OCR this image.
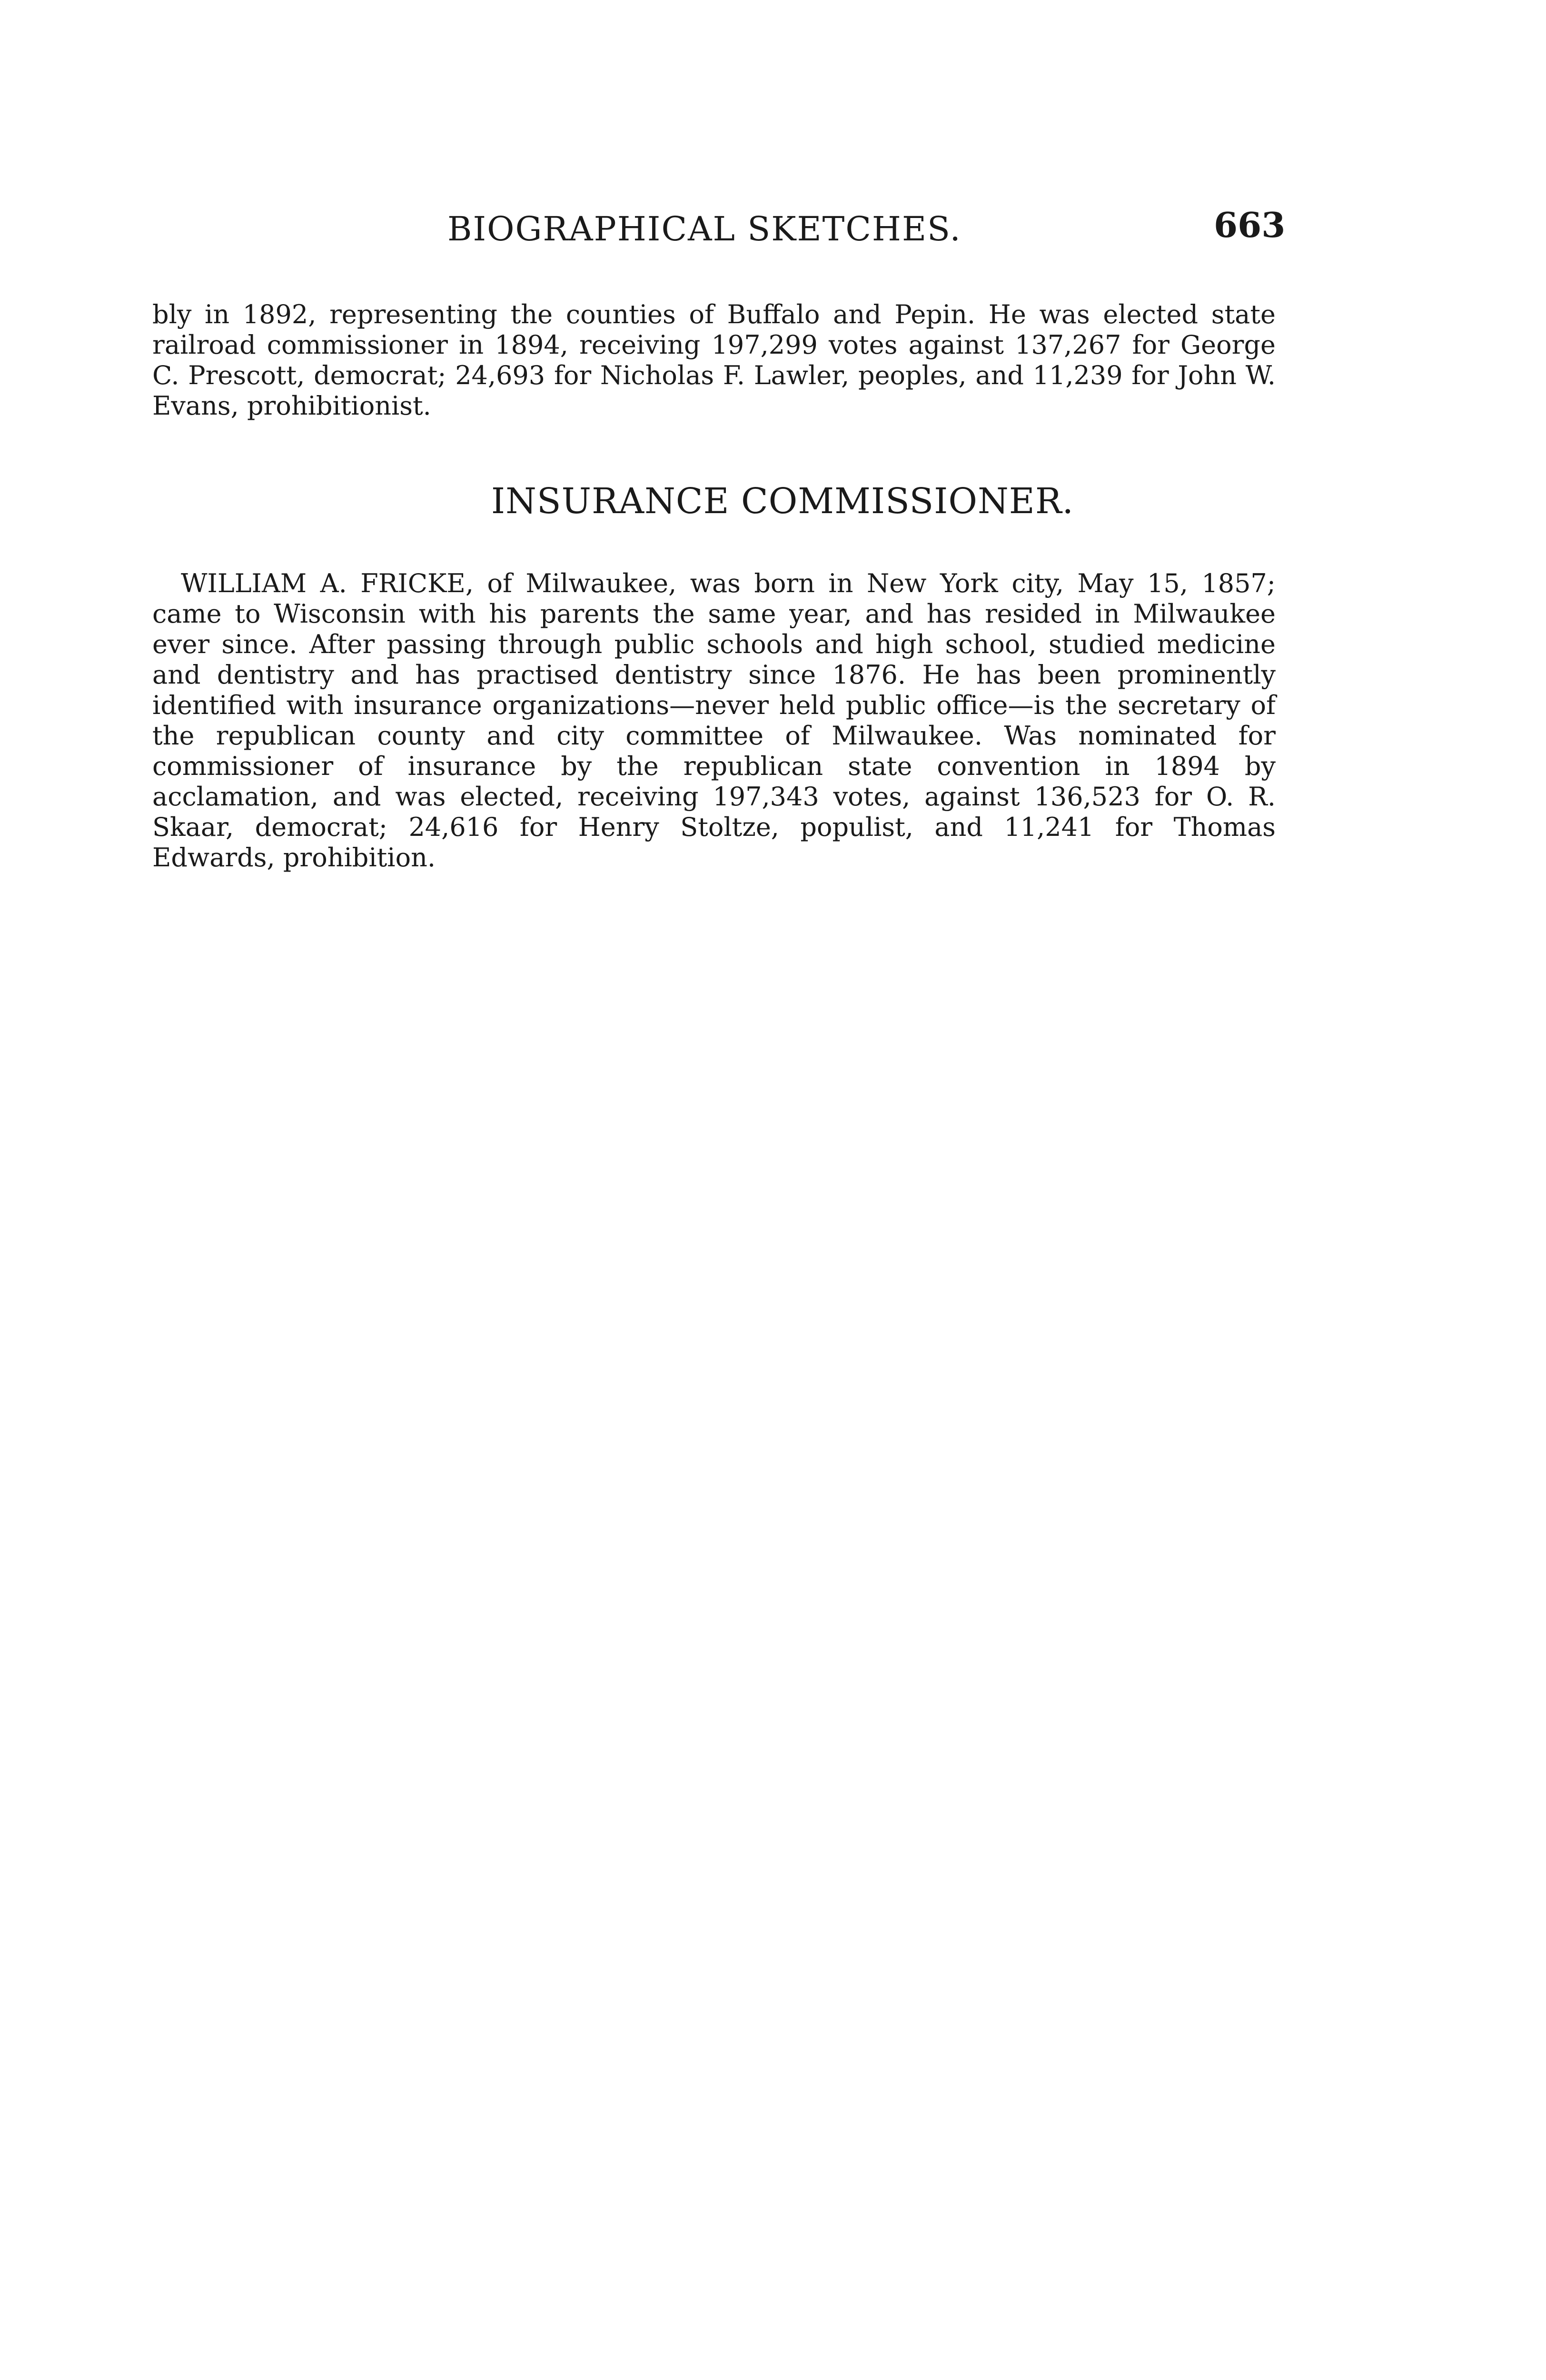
BIOGRAPHICAL SKETCHES.	663

bly in 1892, representing the counties of Buffalo and Pepin. He was elected state railroad commissioner in 1894, receiving 197,299 votes against 137,267 for George C. Prescott, democrat; 24,693 for Nicholas F. Lawler, peoples, and 11,239 for John W. Evans, prohibitionist.

INSURANCE COMMISSIONER.

WILLIAM A. FRICKE, of Milwaukee, was born in New York city, May 15, 1857; came to Wisconsin with his parents the same year, and has resided in Milwaukee ever since. After passing through public schools and high school, studied medicine and dentistry and has practised dentistry since 1876. He has been prominently identified with insurance organizations—never held public office—is the secretary of the republican county and city committee of Milwaukee. Was nominated for commissioner of insurance by the republican state convention in 1894 by acclamation, and was elected, receiving 197,343 votes, against 136,523 for O. R. Skaar, democrat; 24,616 for Henry Stoltze, populist, and 11,241 for Thomas Edwards, prohibition.
